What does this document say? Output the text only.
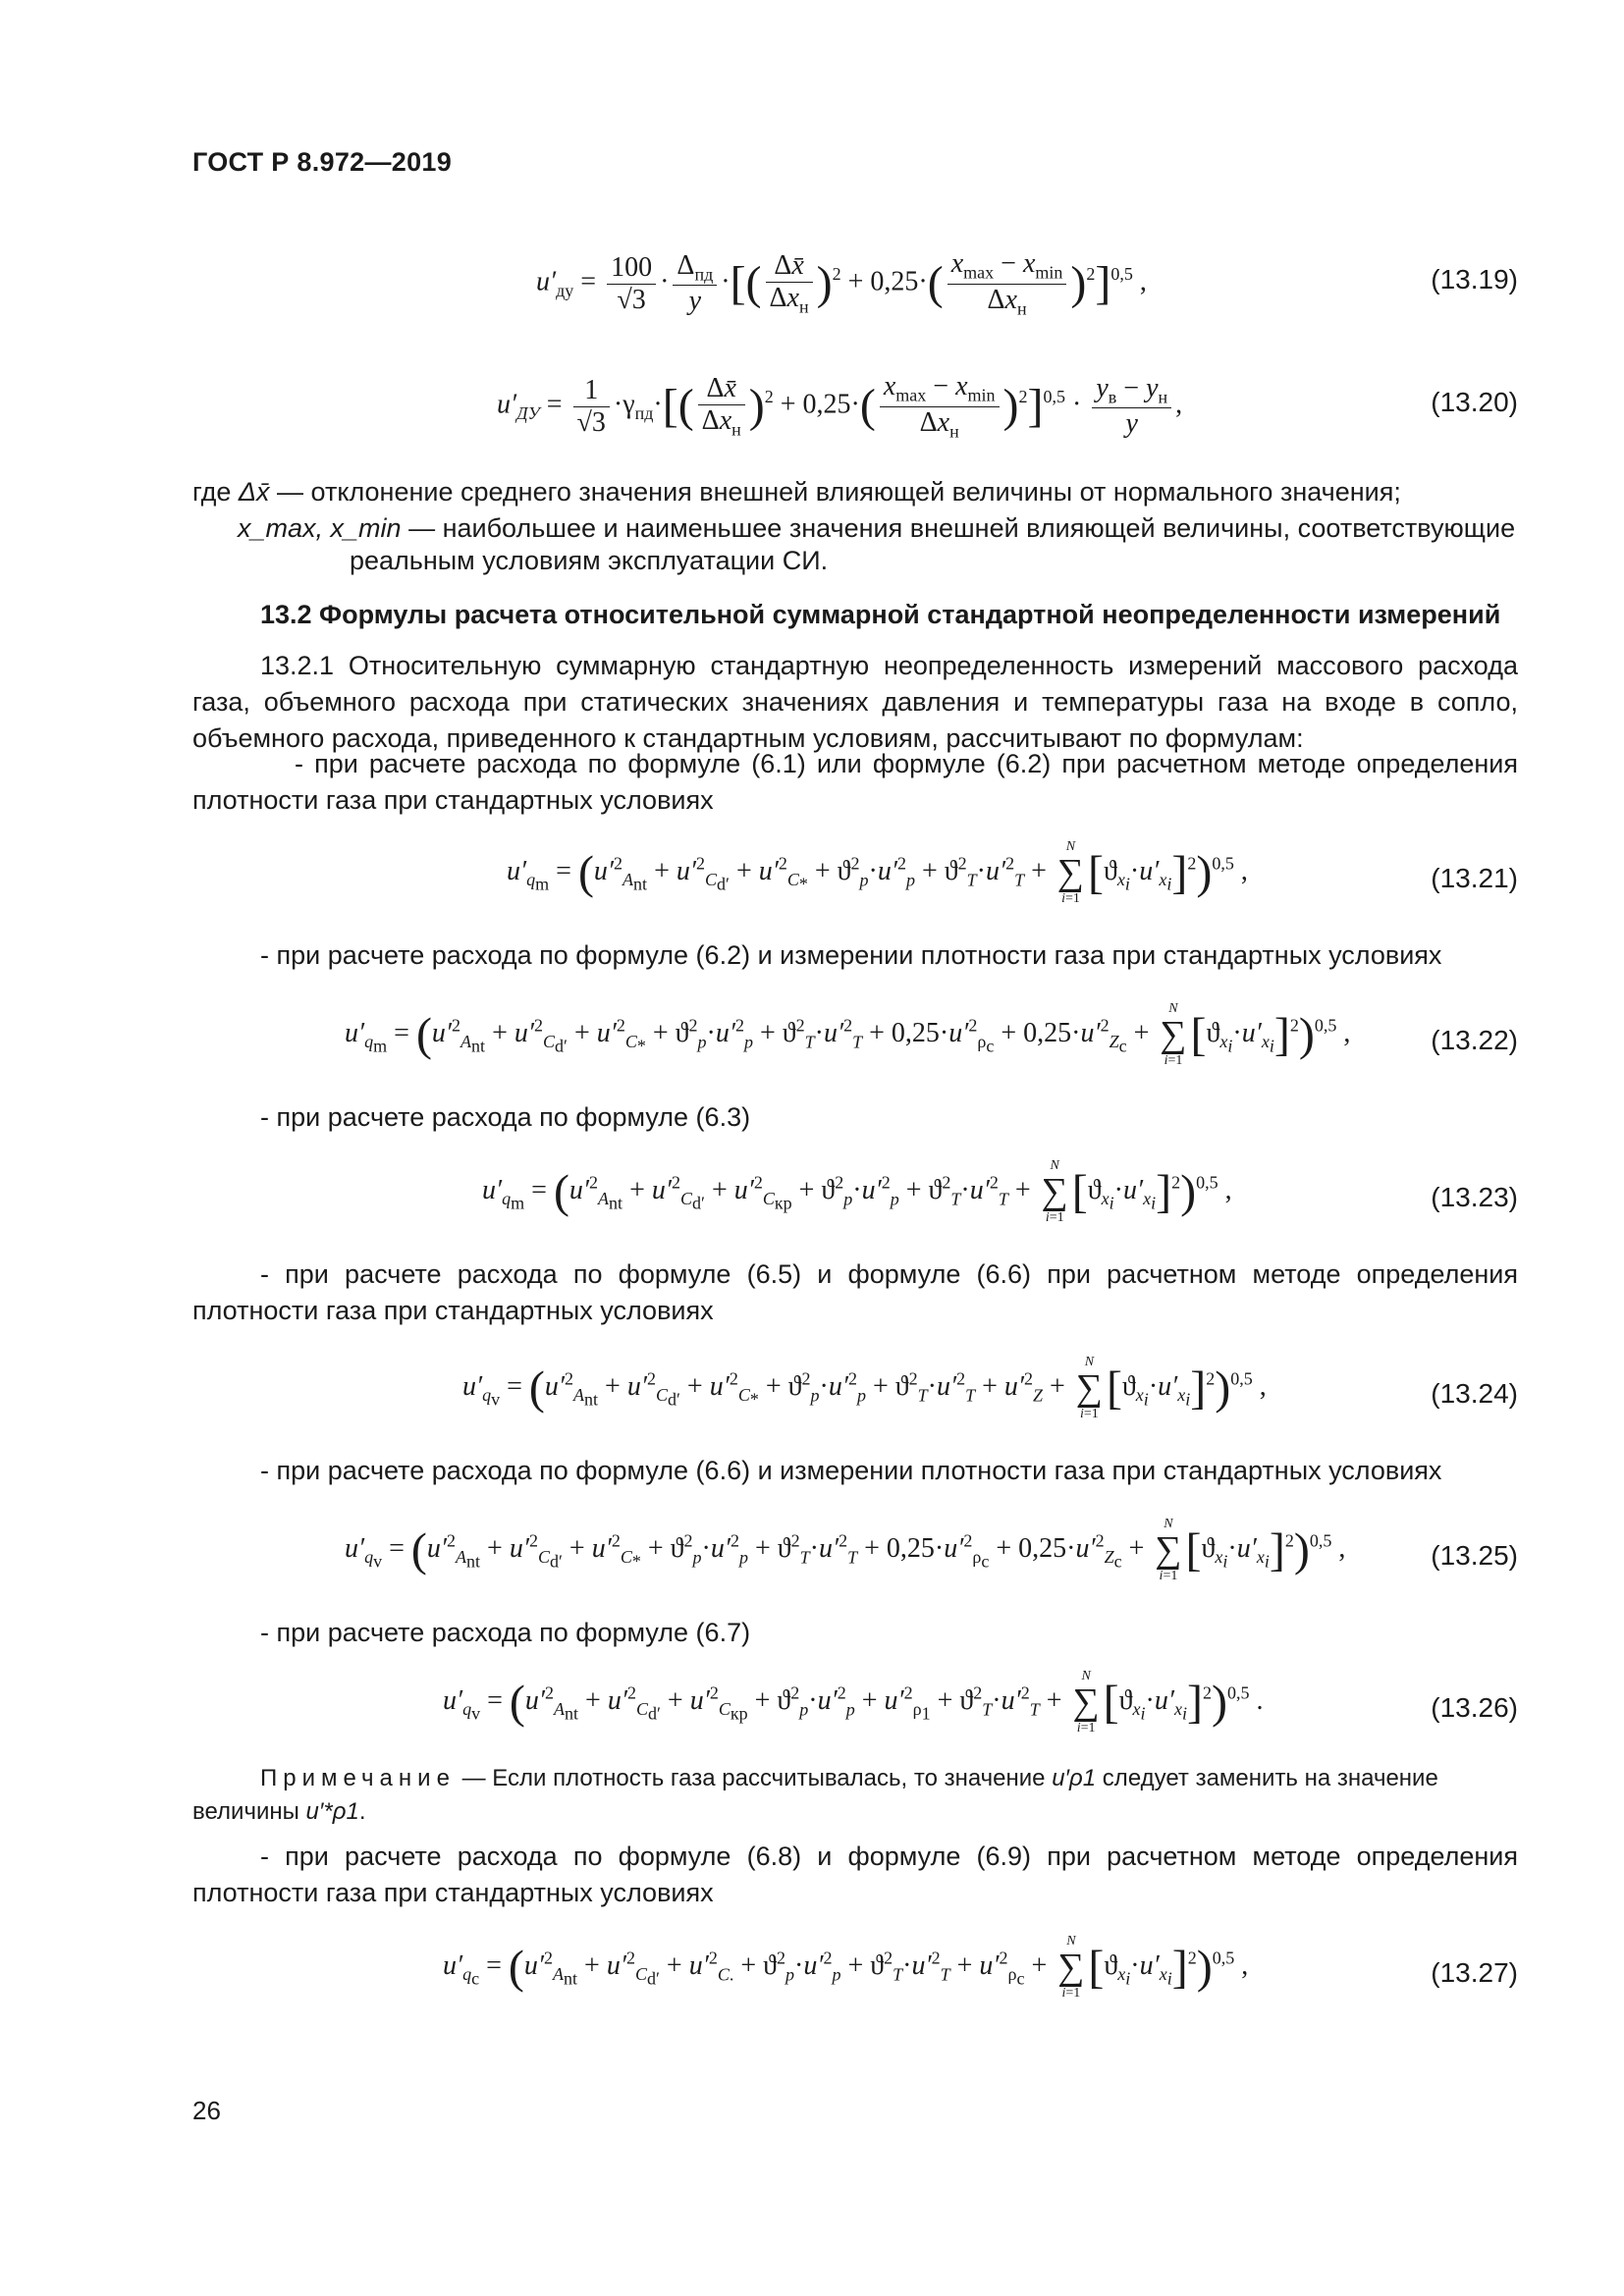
ГОСТ Р 8.972—2019
$u'_{ду} = \frac{100}{√3} \cdot \frac{\Delta_{пд}}{y}$ ·[( $\frac{\Delta x̄}{\Delta x_н} )^2 + 0,25\cdot( \frac{x_{max} - x_{min}}{\Delta x_н} )^2]^{0,5}$ ,	(13.19)
$u'_{ДУ} = \frac{1}{√3} \cdot\gamma_{пд}\cdot[( \frac{\Delta x̄}{\Delta x_н} )^2 + 0,25\cdot( \frac{x_{max} - x_{min}}{\Delta x_н} )^2]^{0,5} \cdot \frac{y_в - y_н}{y}$ ,	(13.20)
где Δx̄ — отклонение среднего значения внешней влияющей величины от нормального значения;
x_max, x_min — наибольшее и наименьшее значения внешней влияющей величины, соответствующие
реальным условиям эксплуатации СИ.
13.2 Формулы расчета относительной суммарной стандартной неопределенности измерений
13.2.1 Относительную суммарную стандартную неопределенность измерений массового расхода газа, объемного расхода при статических значениях давления и температуры газа на входе в сопло, объемного расхода, приведенного к стандартным условиям, рассчитывают по формулам:
- при расчете расхода по формуле (6.1) или формуле (6.2) при расчетном методе определения плотности газа при стандартных условиях
$u'_{q_m} = (u'^2_{A_{nt}} + u'^2_{C_{d'}} + u'^2_{C_*} + ϑ^2_p\cdot u'^2_p + ϑ^2_T\cdot u'^2_T + N$
∑
$i=1[ϑ_{x_i}\cdot u'_{x_i}]^2)^{0,5}$ ,	(13.21)
- при расчете расхода по формуле (6.2) и измерении плотности газа при стандартных условиях
$u'_{q_m} = (u'^2_{A_{nt}} + u'^2_{C_{d'}} + u'^2_{C_*} + ϑ^2_p\cdot u'^2_p + ϑ^2_T\cdot u'^2_T + 0,25\cdot u'^2_{\rho_c} + 0,25\cdot u'^2_{Z_c} + N$
∑
$i=1[ϑ_{x_i}\cdot u'_{x_i}]^2)^{0,5}$ ,	(13.22)
- при расчете расхода по формуле (6.3)
$u'_{q_m} = (u'^2_{A_{nt}} + u'^2_{C_{d'}} + u'^2_{C_{кр}} + ϑ^2_p\cdot u'^2_p + ϑ^2_T\cdot u'^2_T + N$
∑
$i=1[ϑ_{x_i}\cdot u'_{x_i}]^2)^{0,5}$ ,	(13.23)
- при расчете расхода по формуле (6.5) и формуле (6.6) при расчетном методе определения плотности газа при стандартных условиях
$u'_{q_v} = (u'^2_{A_{nt}} + u'^2_{C_{d'}} + u'^2_{C_*} + ϑ^2_p\cdot u'^2_p + ϑ^2_T\cdot u'^2_T + u'^2_Z + N$
∑
$i=1[ϑ_{x_i}\cdot u'_{x_i}]^2)^{0,5}$ ,	(13.24)
- при расчете расхода по формуле (6.6) и измерении плотности газа при стандартных условиях
$u'_{q_v} = (u'^2_{A_{nt}} + u'^2_{C_{d'}} + u'^2_{C_*} + ϑ^2_p\cdot u'^2_p + ϑ^2_T\cdot u'^2_T + 0,25\cdot u'^2_{\rho_c} + 0,25\cdot u'^2_{Z_c} + N$
∑
$i=1[ϑ_{x_i}\cdot u'_{x_i}]^2)^{0,5}$ ,	(13.25)
- при расчете расхода по формуле (6.7)
$u'_{q_v} = (u'^2_{A_{nt}} + u'^2_{C_{d'}} + u'^2_{C_{кр}} + ϑ^2_p\cdot u'^2_p + u'^2_{\rho_1} + ϑ^2_T\cdot u'^2_T + N$
∑
$i=1[ϑ_{x_i}\cdot u'_{x_i}]^2)^{0,5}$ .	(13.26)
Примечание — Если плотность газа рассчитывалась, то значение u′ρ1 следует заменить на значение величины u′*ρ1.
- при расчете расхода по формуле (6.8) и формуле (6.9) при расчетном методе определения плотности газа при стандартных условиях
$u'_{q_c} = (u'^2_{A_{nt}} + u'^2_{C_{d'}} + u'^2_{C.} + ϑ^2_p\cdot u'^2_p + ϑ^2_T\cdot u'^2_T + u'^2_{\rho_c} + N$
∑
$i=1[ϑ_{x_i}\cdot u'_{x_i}]^2)^{0,5}$ ,	(13.27)
26
